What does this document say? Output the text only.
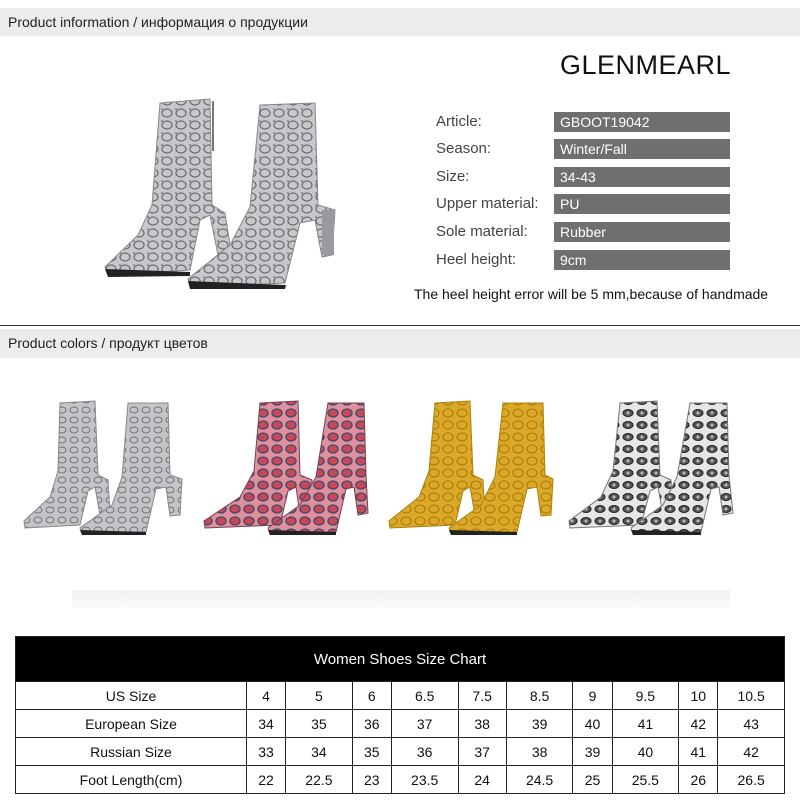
Product information / информация о продукции
GLENMEARL
Article:	GBOOT19042
Season:	Winter/Fall
Size:	34-43
Upper material:	PU
Sole material:	Rubber
Heel height:	9cm
The heel height error will be 5 mm,because of handmade
Product colors / продукт цветов
Women Shoes Size Chart										
US Size	4	5	6	6.5	7.5	8.5	9	9.5	10	10.5
European Size	34	35	36	37	38	39	40	41	42	43
Russian Size	33	34	35	36	37	38	39	40	41	42
Foot Length(cm)	22	22.5	23	23.5	24	24.5	25	25.5	26	26.5
